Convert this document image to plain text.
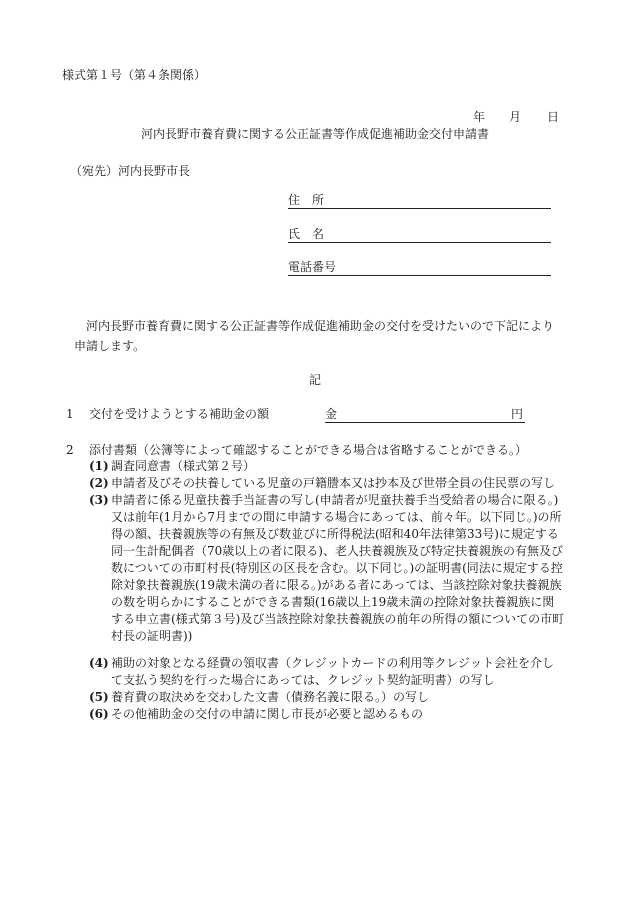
様式第１号（第４条関係）
年 月 日
河内長野市養育費に関する公正証書等作成促進補助金交付申請書
（宛先）河内長野市長
住　所
氏　名
電話番号
河内長野市養育費に関する公正証書等作成促進補助金の交付を受けたいので下記により申請します。
記
1 交付を受けようとする補助金の額	金	円
2 添付書類（公簿等によって確認することができる場合は省略することができる。）
(1) 調査同意書（様式第２号）
(2) 申請者及びその扶養している児童の戸籍謄本又は抄本及び世帯全員の住民票の写し
(3) 申請者に係る児童扶養手当証書の写し(申請者が児童扶養手当受給者の場合に限る。)又は前年(1月から7月までの間に申請する場合にあっては、前々年。以下同じ。)の所得の額、扶養親族等の有無及び数並びに所得税法(昭和40年法律第33号)に規定する同一生計配偶者（70歳以上の者に限る)、老人扶養親族及び特定扶養親族の有無及び数についての市町村長(特別区の区長を含む。以下同じ。)の証明書(同法に規定する控除対象扶養親族(19歳未満の者に限る。)がある者にあっては、当該控除対象扶養親族の数を明らかにすることができる書類(16歳以上19歳未満の控除対象扶養親族に関する申立書(様式第３号)及び当該控除対象扶養親族の前年の所得の額についての市町村長の証明書))
(4) 補助の対象となる経費の領収書（クレジットカードの利用等クレジット会社を介して支払う契約を行った場合にあっては、クレジット契約証明書）の写し
(5) 養育費の取決めを交わした文書（債務名義に限る。）の写し
(6) その他補助金の交付の申請に関し市長が必要と認めるもの
